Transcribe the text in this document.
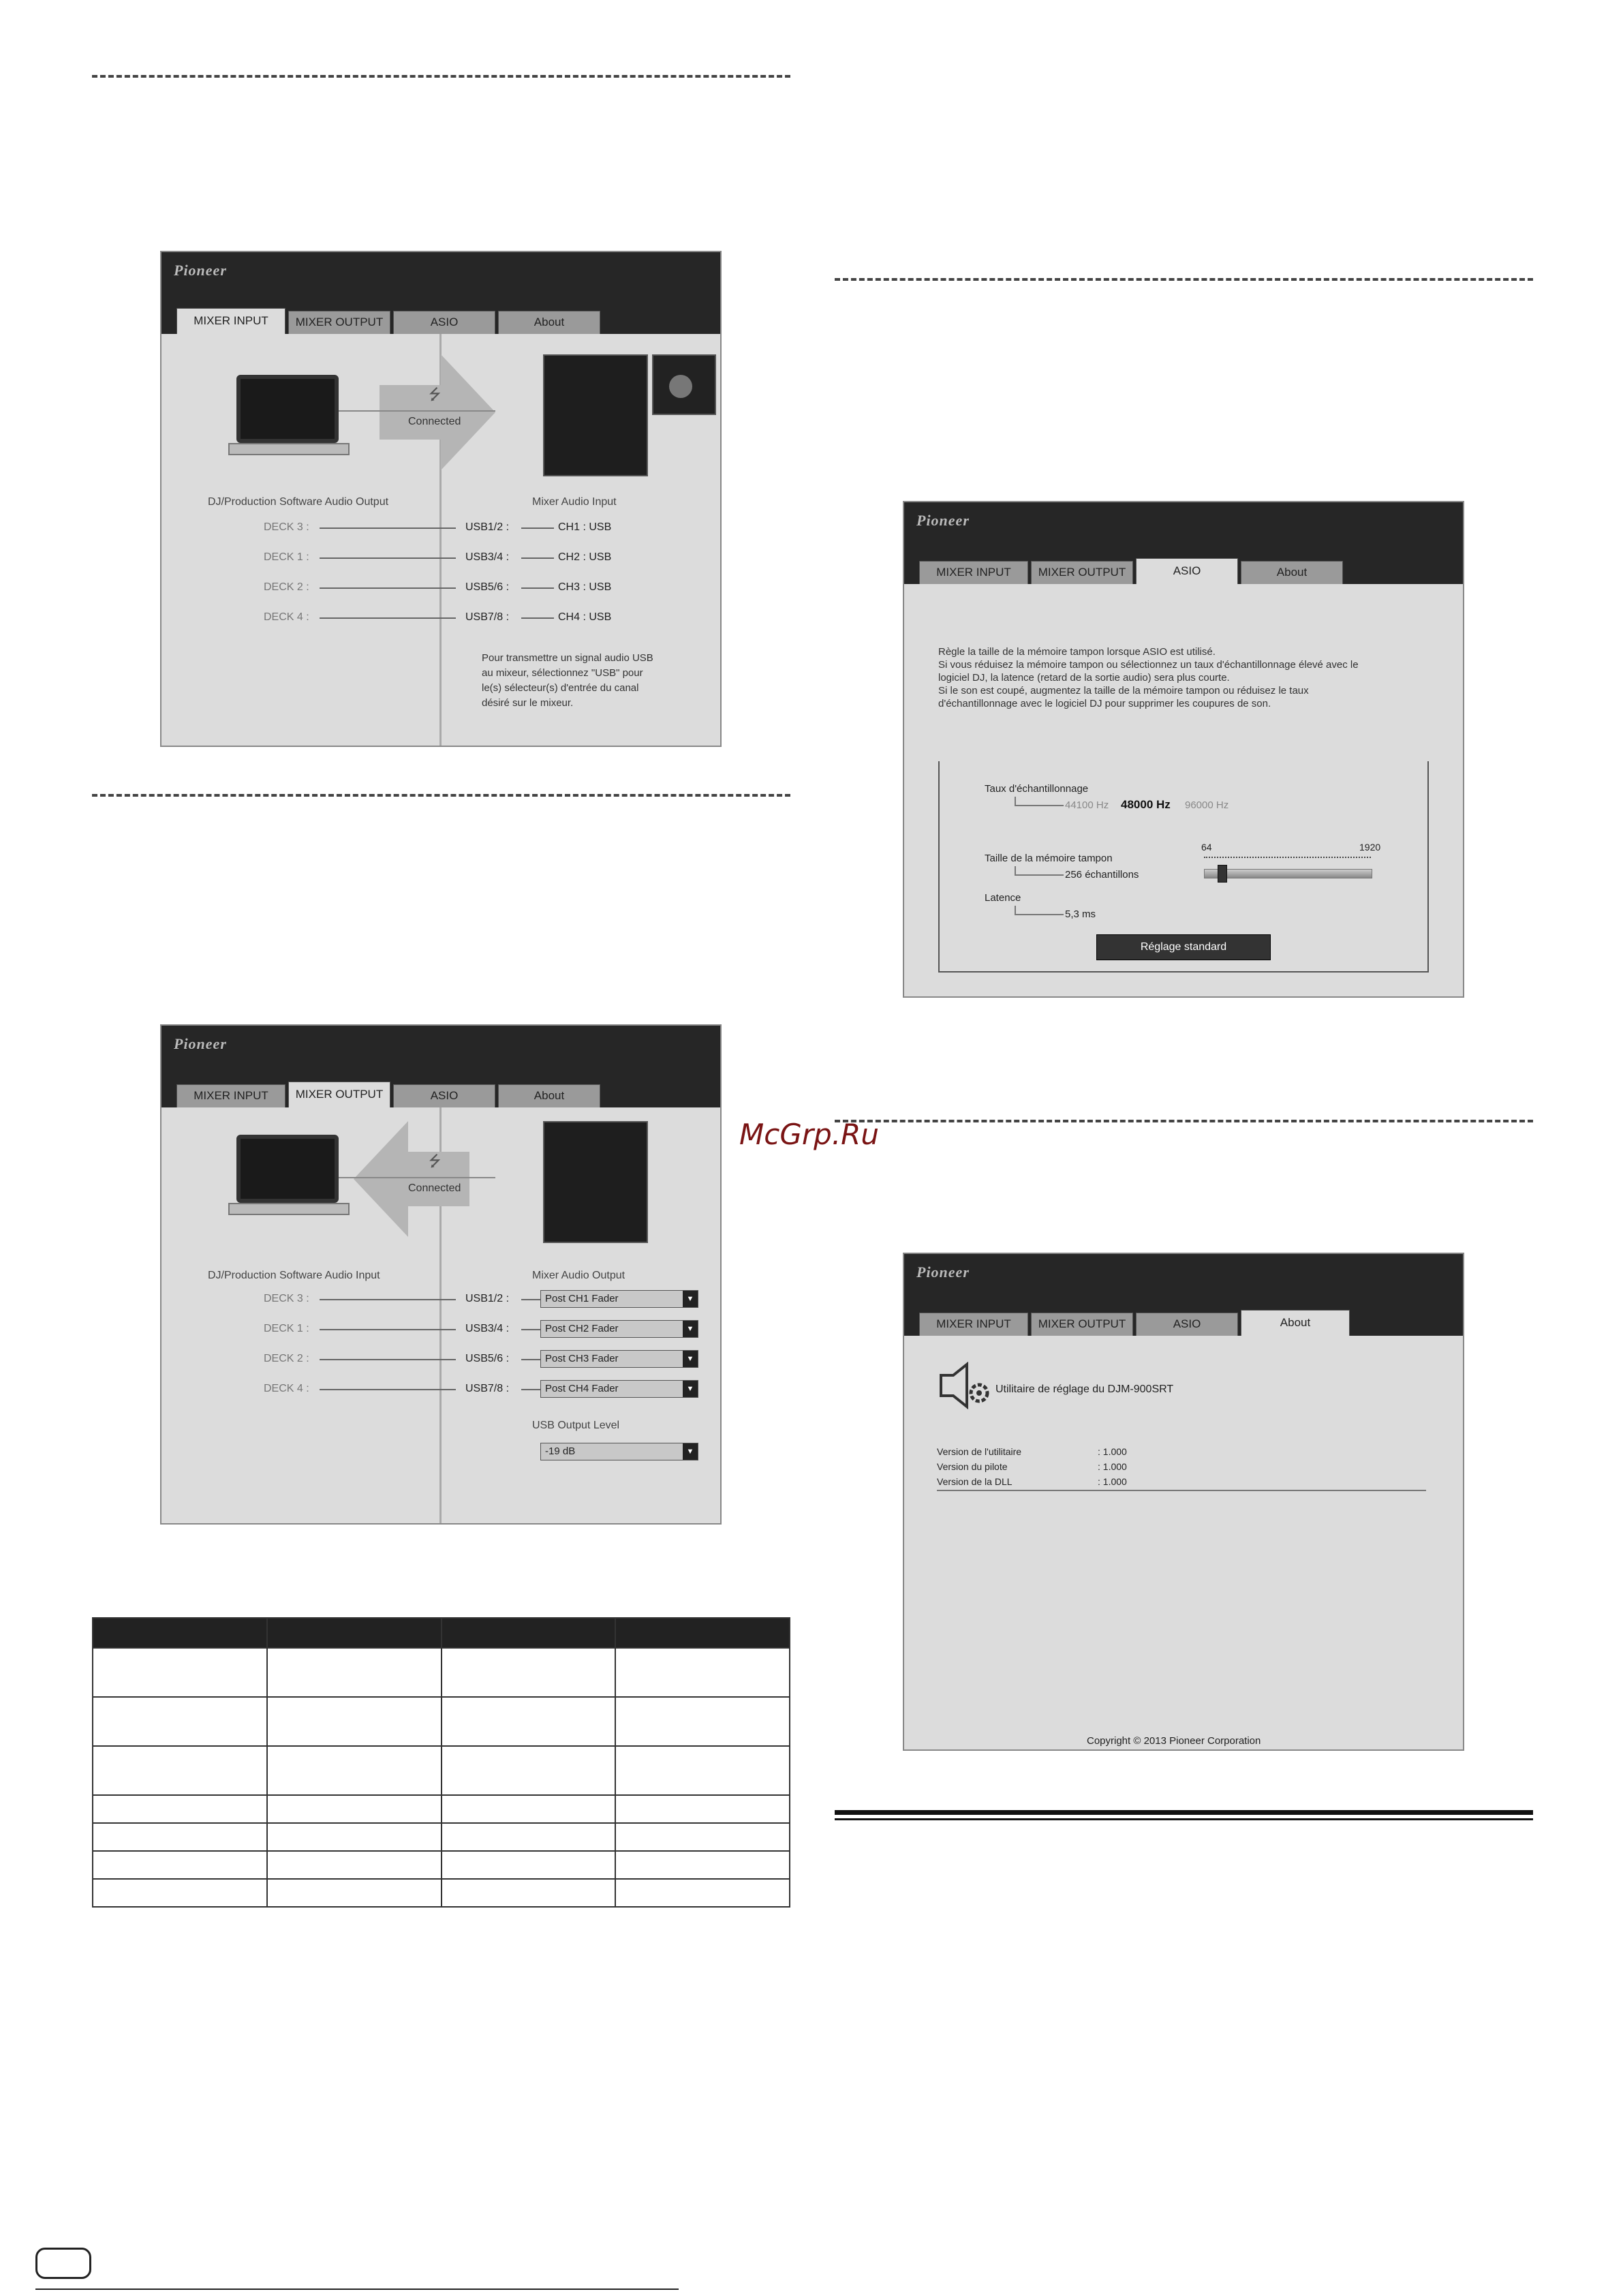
Pioneer
MIXER INPUT	MIXER OUTPUT	ASIO	About
⭍
Connected
DJ/Production Software Audio Output	Mixer Audio Input
DECK 3 :	USB1/2 :	CH1 : USB
DECK 1 :	USB3/4 :	CH2 : USB
DECK 2 :	USB5/6 :	CH3 : USB
DECK 4 :	USB7/8 :	CH4 : USB
Pour transmettre un signal audio USB
au mixeur, sélectionnez "USB" pour
le(s) sélecteur(s) d'entrée du canal
désiré sur le mixeur.
Pioneer
MIXER INPUT	MIXER OUTPUT	ASIO	About
⭍
Connected
DJ/Production Software Audio Input	Mixer Audio Output
DECK 3 :	USB1/2 :	Post CH1 Fader	▼
DECK 1 :	USB3/4 :	Post CH2 Fader	▼
DECK 2 :	USB5/6 :	Post CH3 Fader	▼
DECK 4 :	USB7/8 :	Post CH4 Fader	▼
USB Output Level
-19 dB	▼

Pioneer
MIXER INPUT	MIXER OUTPUT	ASIO	About
Règle la taille de la mémoire tampon lorsque ASIO est utilisé.
Si vous réduisez la mémoire tampon ou sélectionnez un taux d'échantillonnage élevé avec le
logiciel DJ, la latence (retard de la sortie audio) sera plus courte.
Si le son est coupé, augmentez la taille de la mémoire tampon ou réduisez le taux
d'échantillonnage avec le logiciel DJ pour supprimer les coupures de son.
Taux d'échantillonnage
44100 Hz 48000 Hz 96000 Hz
Taille de la mémoire tampon
256 échantillons
64	1920
Latence
5,3 ms
Réglage standard
McGrp.Ru
Pioneer
MIXER INPUT	MIXER OUTPUT	ASIO	About
Utilitaire de réglage du DJM-900SRT
Version de l'utilitaire	: 1.000
Version du pilote	: 1.000
Version de la DLL	: 1.000
Copyright © 2013 Pioneer Corporation
